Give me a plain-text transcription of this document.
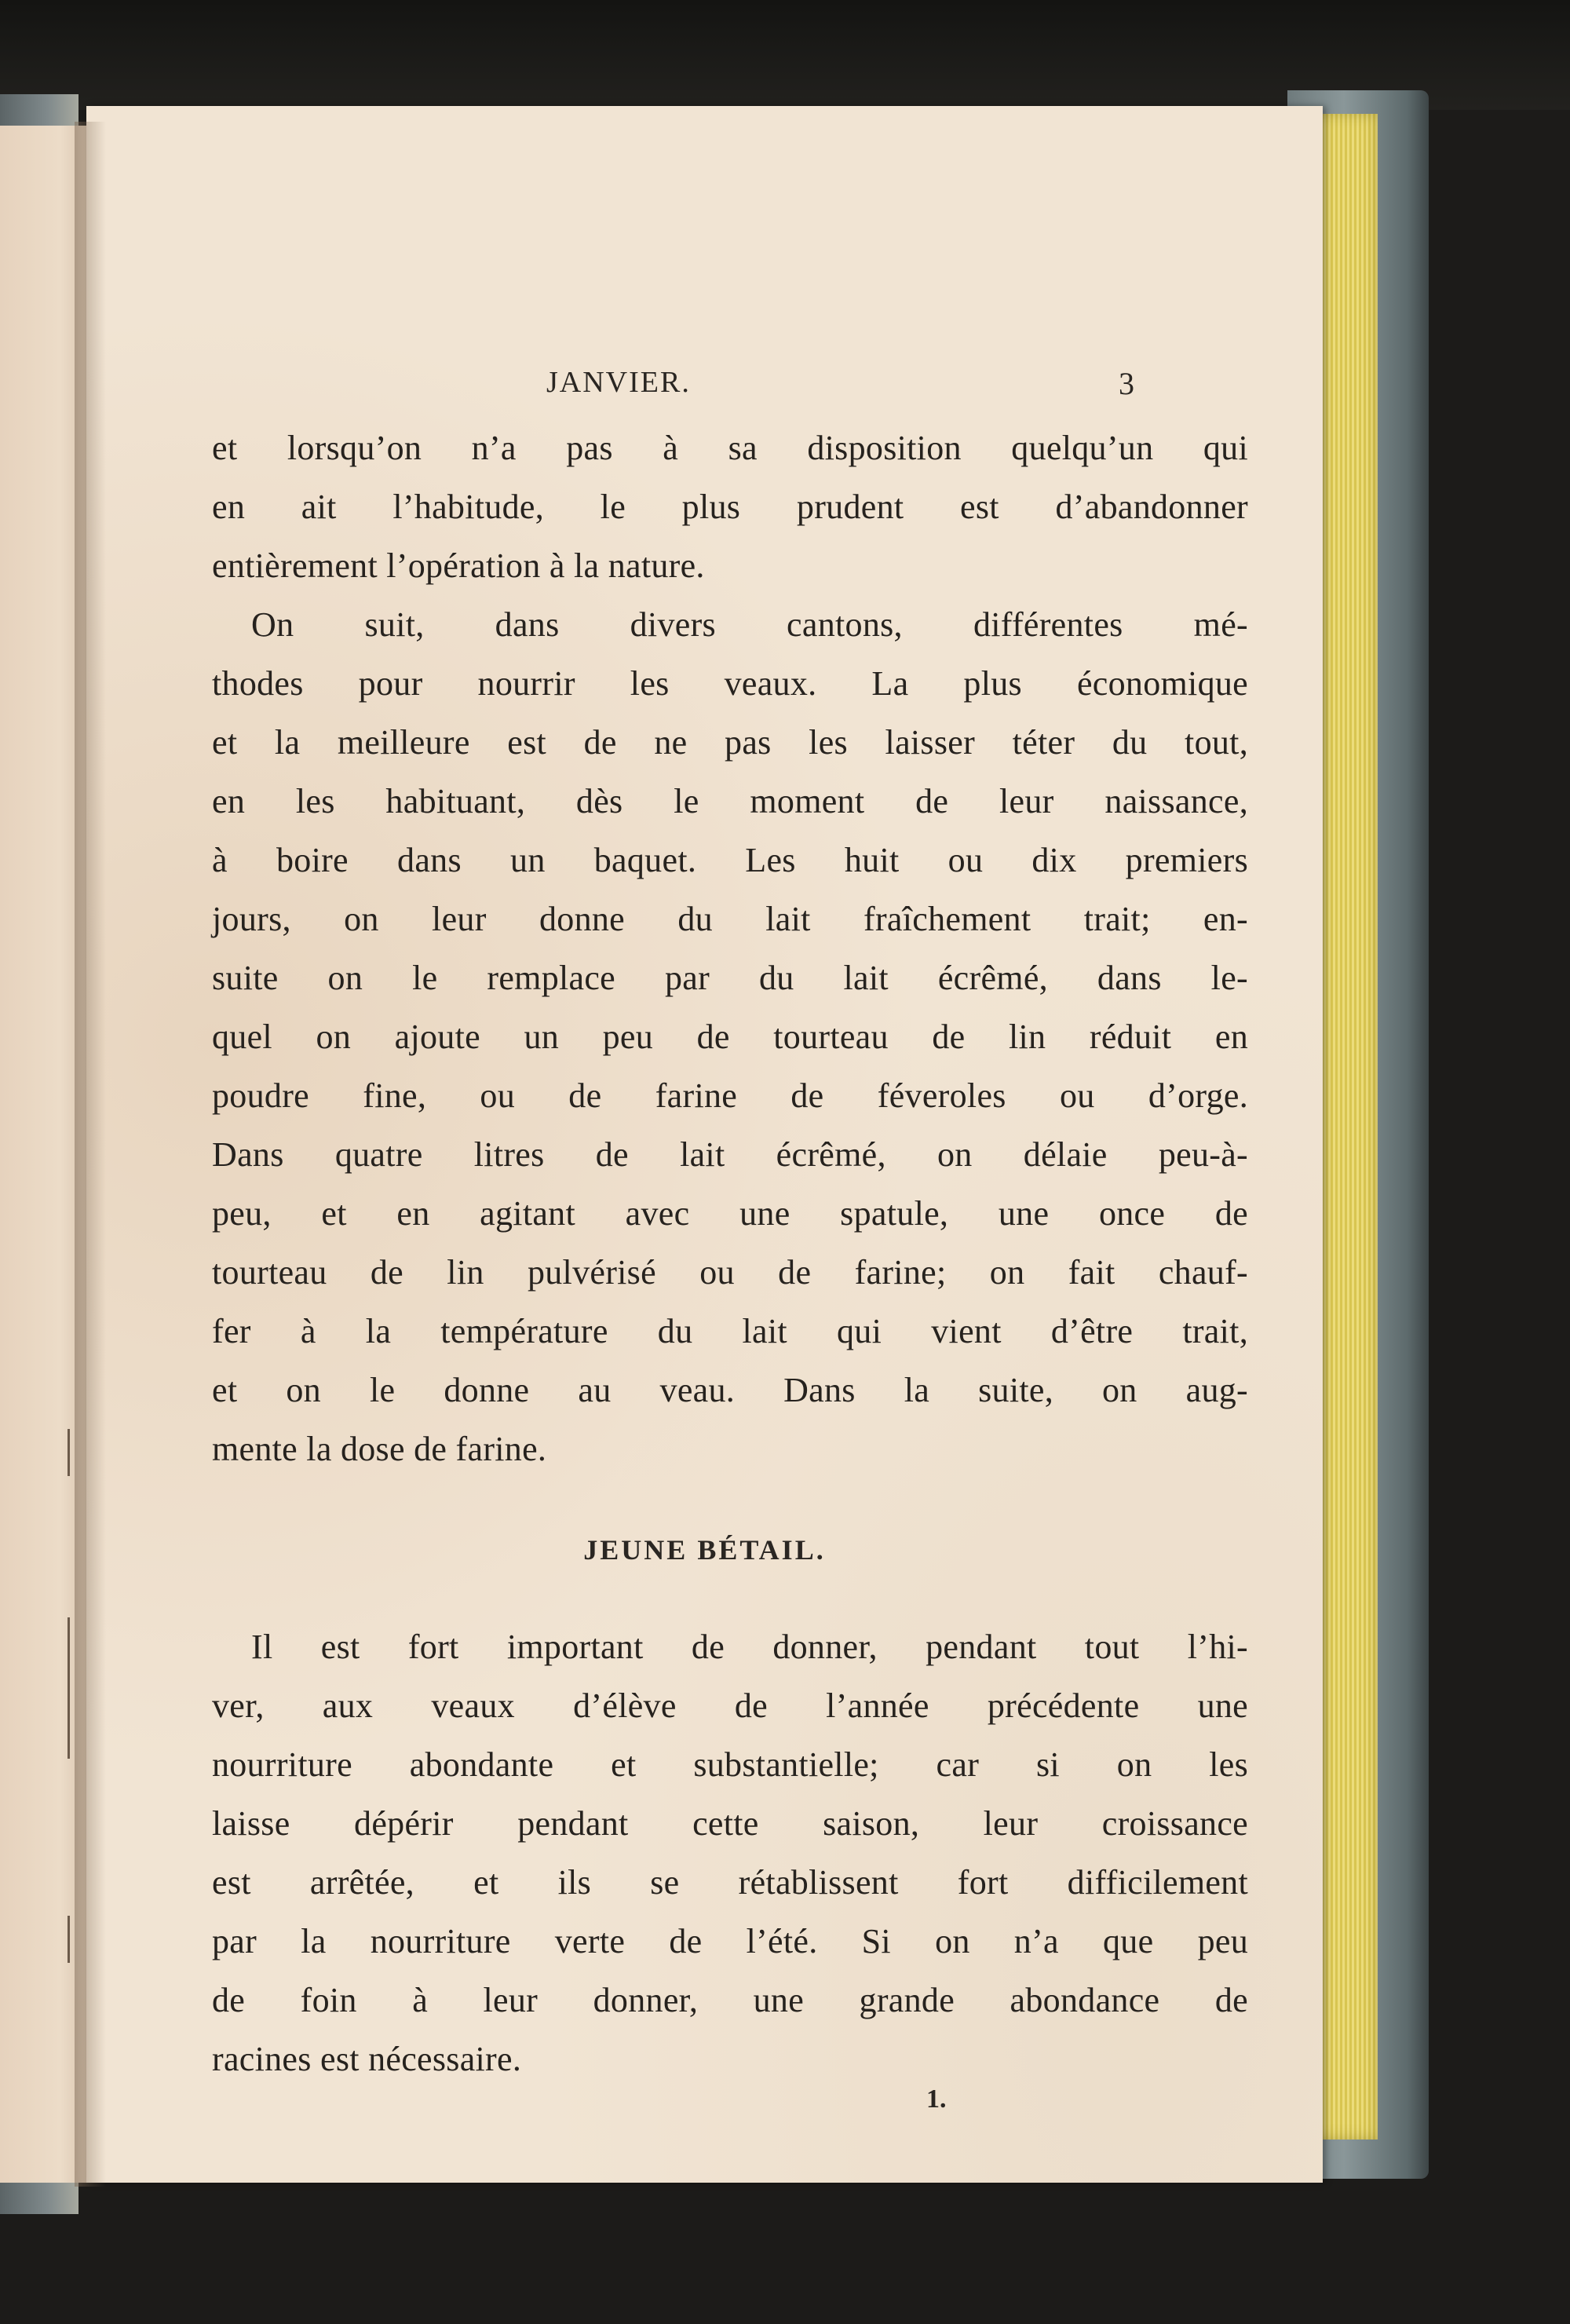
JANVIER.	3
et lorsqu’on n’a pas à sa disposition quelqu’un qui
en ait l’habitude, le plus prudent est d’abandonner
entièrement l’opération à la nature.
On suit, dans divers cantons, différentes mé-
thodes pour nourrir les veaux. La plus économique
et la meilleure est de ne pas les laisser téter du tout,
en les habituant, dès le moment de leur naissance,
à boire dans un baquet. Les huit ou dix premiers
jours, on leur donne du lait fraîchement trait; en-
suite on le remplace par du lait écrêmé, dans le-
quel on ajoute un peu de tourteau de lin réduit en
poudre fine, ou de farine de féveroles ou d’orge.
Dans quatre litres de lait écrêmé, on délaie peu-à-
peu, et en agitant avec une spatule, une once de
tourteau de lin pulvérisé ou de farine; on fait chauf-
fer à la température du lait qui vient d’être trait,
et on le donne au veau. Dans la suite, on aug-
mente la dose de farine.
JEUNE BÉTAIL.
Il est fort important de donner, pendant tout l’hi-
ver, aux veaux d’élève de l’année précédente une
nourriture abondante et substantielle; car si on les
laisse dépérir pendant cette saison, leur croissance
est arrêtée, et ils se rétablissent fort difficilement
par la nourriture verte de l’été. Si on n’a que peu
de foin à leur donner, une grande abondance de
racines est nécessaire.
1.
